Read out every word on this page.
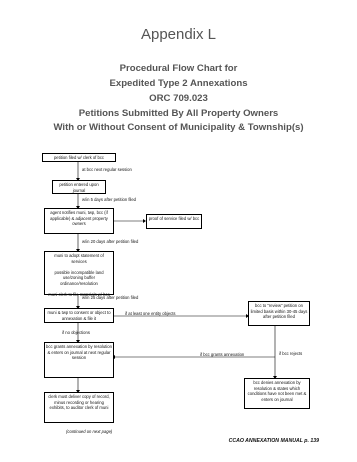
Appendix L
Procedural Flow Chart for
Expedited Type 2 Annexations
ORC 709.023
Petitions Submitted By All Property Owners
With or Without Consent of Municipality & Township(s)
petition filed w/ clerk of bcc
petition entered upon journal
agent notifies muni, twp, bcc (if applicable) & adjacent property owners
proof of service filed w/ bcc
muni to adopt statement of services

possible incompatible land use/zoning buffer ordinance/resolution

muni clerk to file materials w/ bcc
muni & twp to consent or object to annexation & file it
bcc to "review" petition on limited basis within 30-45 days after petition filed
bcc grants annexation by resolution & enters on journal at next regular session
bcc denies annexation by resolution & states which conditions have not been met & enters on journal
clerk must deliver copy of record, minus recording or hearing exhibits, to auditor clerk of muni
at bcc next regular session
w/in 5 days after petition filed
w/in 20 days after petition filed
w/in 25 days after petition filed
if at least one entity objects
if no objections
if bcc grants annexation	if bcc rejects
(continued on next page)
CCAO ANNEXATION MANUAL p. 139
